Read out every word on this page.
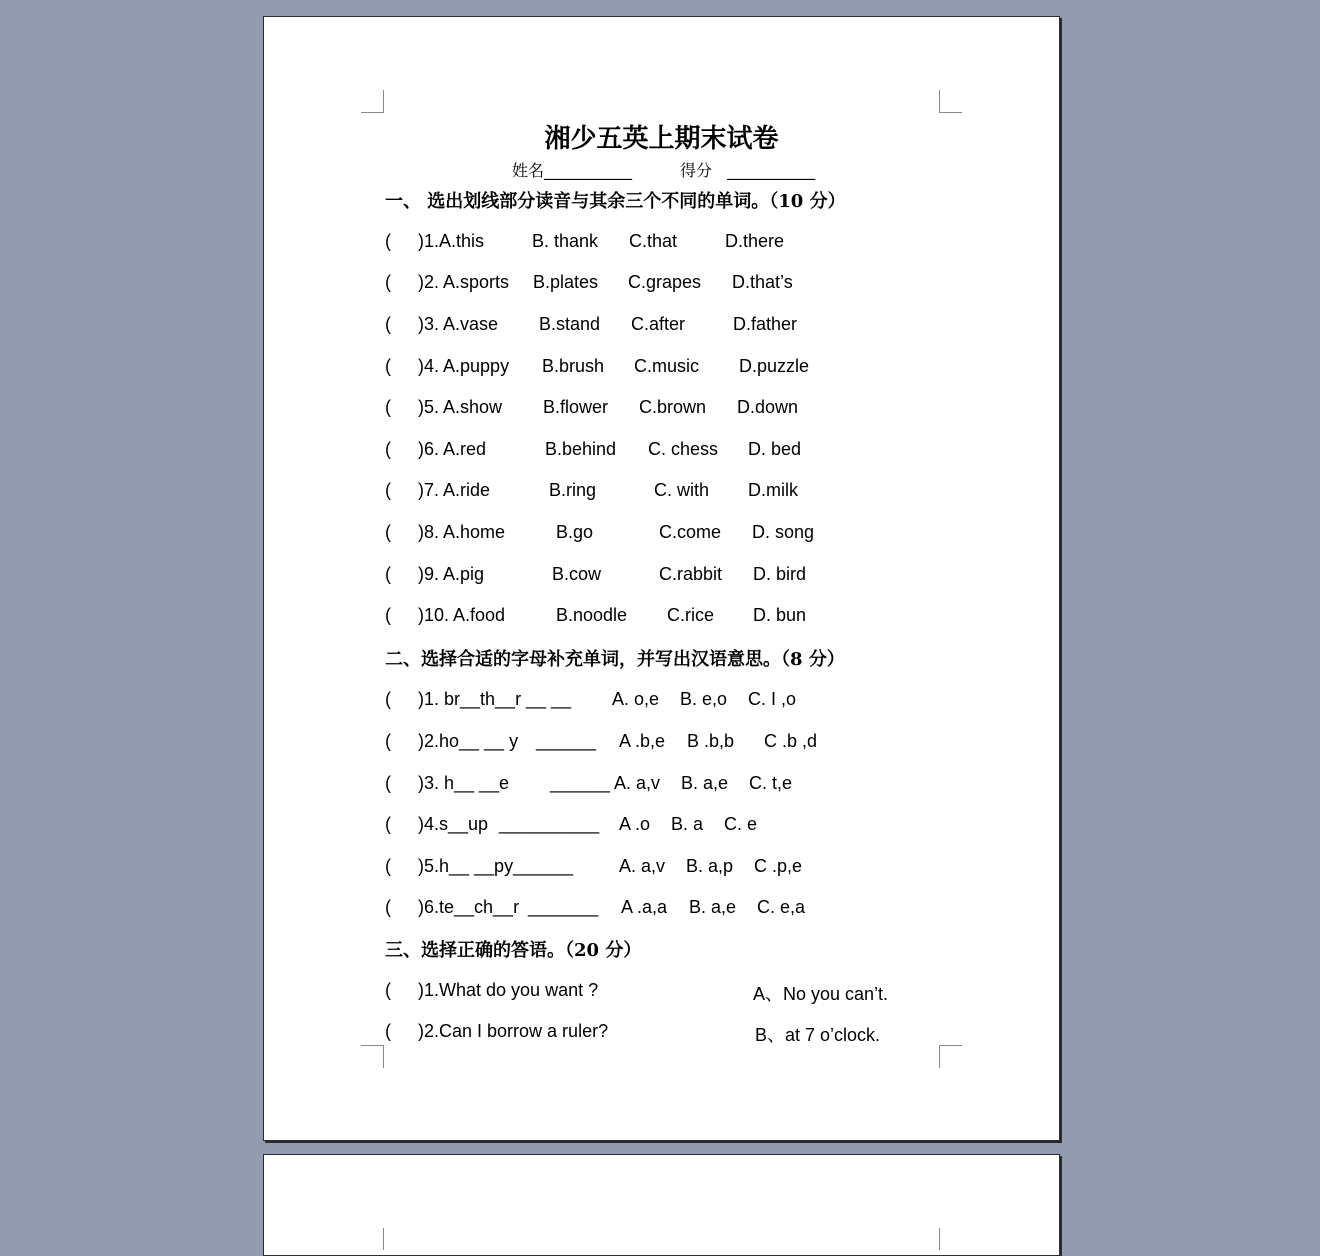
湘少五英上期末试卷
姓名___________	得分 ___________
一、 选出划线部分读音与其余三个不同的单词。（10 分）
( )1.A.this	B. thank C.that	D.there
( )2. A.sports B.plates C.grapes D.that’s
( )3. A.vase B.stand C.after	D.father
( )4. A.puppy B.brush C.music D.puzzle
( )5. A.show B.flower C.brown D.down
( )6. A.red	B.behind C. chess D. bed
( )7. A.ride	B.ring	C. with D.milk
( )8. A.home	B.go	C.come D. song
( )9. A.pig	B.cow	C.rabbit D. bird
( )10. A.food	B.noodle C.rice D. bun
二、选择合适的字母补充单词，并写出汉语意思。（8 分）
( )1. br__th__r __ __ A. o,e B. e,o C. I ,o
( )2.ho__ __ y ______ A .b,e B .b,b C .b ,d
( )3. h__ __e ______ A. a,v B. a,e C. t,e
( )4.s__up __________ A .o B. a C. e
( )5.h__ __py______	A. a,v B. a,p C .p,e
( )6.te__ch__r _______ A .a,a B. a,e C. e,a
三、选择正确的答语。（20 分）
( )1.What do you want ?	A、No you can’t.
( )2.Can I borrow a ruler?	B、at 7 o’clock.
